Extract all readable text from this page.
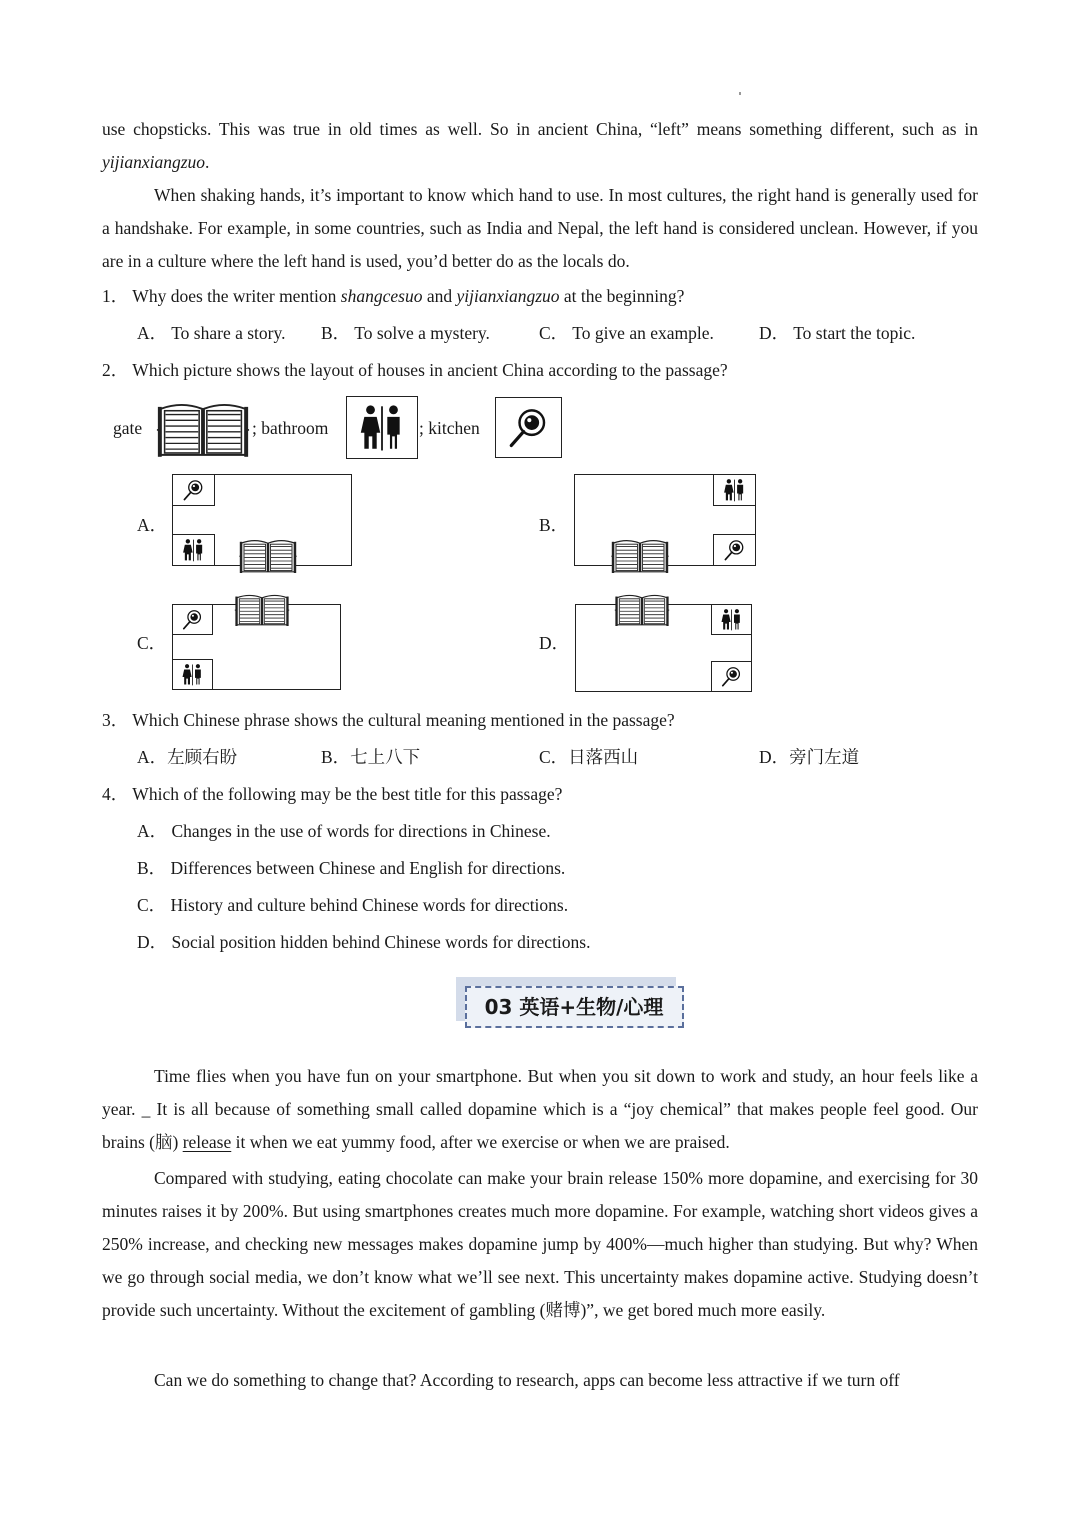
use chopsticks. This was true in old times as well. So in ancient China, “left” means something different, such as in yijianxiangzuo.

When shaking hands, it’s important to know which hand to use. In most cultures, the right hand is generally used for a handshake. For example, in some countries, such as India and Nepal, the left hand is considered unclean. However, if you are in a culture where the left hand is used, you’d better do as the locals do.

1． Why does the writer mention shangcesuo and yijianxiangzuo at the beginning?
A． To share a story. B． To solve a mystery.	C． To give an example.	D． To start the topic.
2． Which picture shows the layout of houses in ancient China according to the passage?
gate	; bathroom	; kitchen
A．	B．
C．	D．
3． Which Chinese phrase shows the cultural meaning mentioned in the passage?
A．左顾右盼	B．七上八下	C．日落西山	D．旁门左道
4． Which of the following may be the best title for this passage?
A． Changes in the use of words for directions in Chinese.
B． Differences between Chinese and English for directions.
C． History and culture behind Chinese words for directions.
D． Social position hidden behind Chinese words for directions.
03 英语+生物/心理

Time flies when you have fun on your smartphone. But when you sit down to work and study, an hour feels like a year. _ It is all because of something small called dopamine which is a “joy chemical” that makes people feel good. Our brains (脑) release it when we eat yummy food, after we exercise or when we are praised.

Compared with studying, eating chocolate can make your brain release 150% more dopamine, and exercising for 30 minutes raises it by 200%. But using smartphones creates much more dopamine. For example, watching short videos gives a 250% increase, and checking new messages makes dopamine jump by 400%—much higher than studying. But why? When we go through social media, we don’t know what we’ll see next. This uncertainty makes dopamine active. Studying doesn’t provide such uncertainty. Without the excitement of gambling (赌博)”, we get bored much more easily.

Can we do something to change that? According to research, apps can become less attractive if we turn off
